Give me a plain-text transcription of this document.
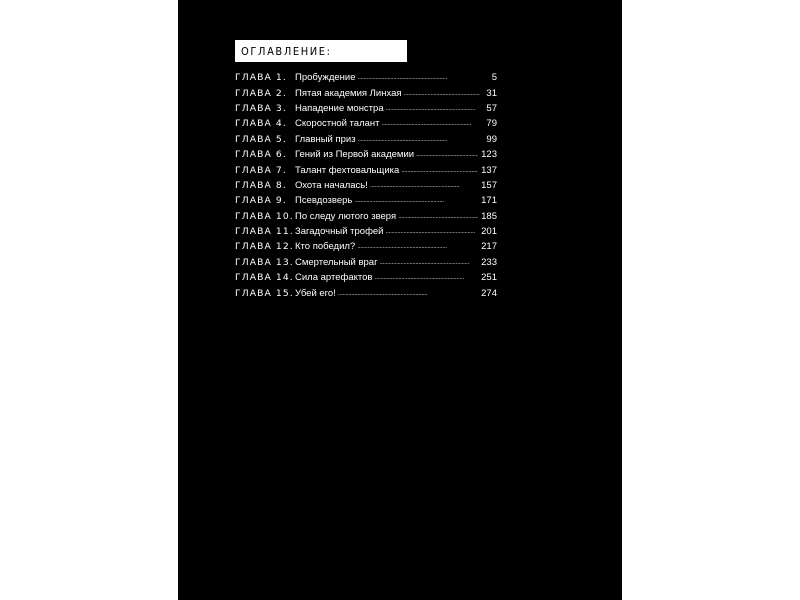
ОГЛАВЛЕНИЕ:
ГЛАВА 1. Пробуждение . . .	5
ГЛАВА 2. Пятая академия Линхая . . .	31
ГЛАВА 3. Нападение монстра . . .	57
ГЛАВА 4. Скоростной талант . . .	79
ГЛАВА 5. Главный приз . . .	99
ГЛАВА 6. Гений из Первой академии . . .	123
ГЛАВА 7. Талант фехтовальщика . . .	137
ГЛАВА 8. Охота началась! . . .	157
ГЛАВА 9. Псевдозверь . . .	171
ГЛАВА 10. По следу лютого зверя . . .	185
ГЛАВА 11. Загадочный трофей . . .	201
ГЛАВА 12. Кто победил? . . .	217
ГЛАВА 13. Смертельный враг . . .	233
ГЛАВА 14. Сила артефактов . . .	251
ГЛАВА 15. Убей его! . . .	274
